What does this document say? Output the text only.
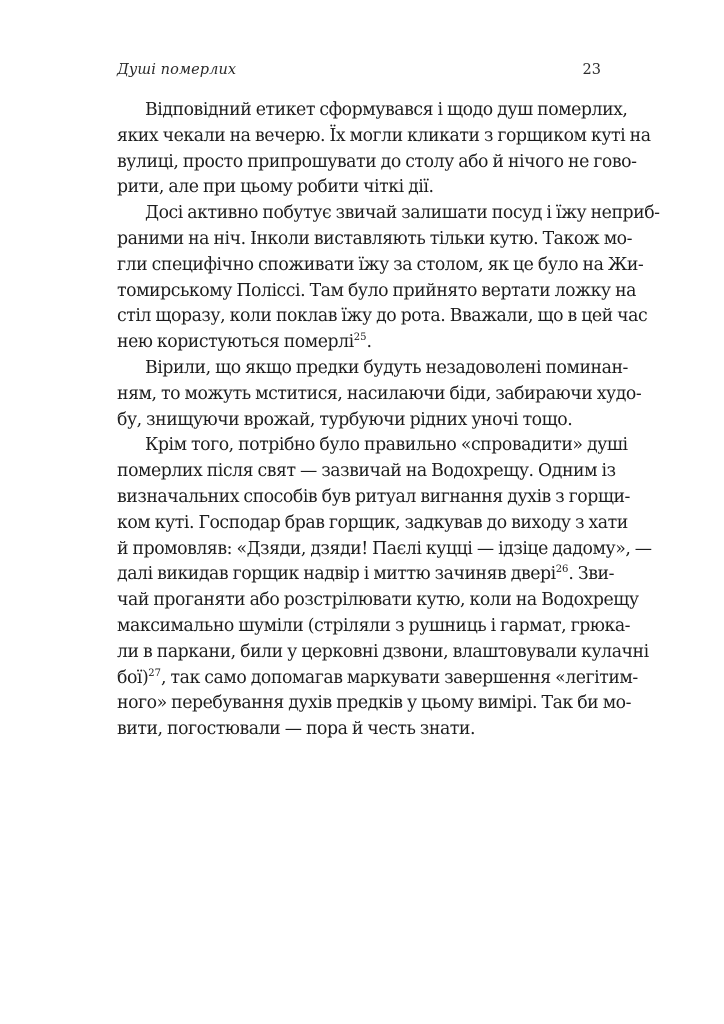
Душі померлих	23

Відповідний етикет сформувався і щодо душ померлих,
яких чекали на вечерю. Їх могли кликати з горщиком куті на
вулиці, просто припрошувати до столу або й нічого не гово-
рити, але при цьому робити чіткі дії.

Досі активно побутує звичай залишати посуд і їжу неприб-
раними на ніч. Інколи виставляють тільки кутю. Також мо-
гли специфічно споживати їжу за столом, як це було на Жи-
томирському Поліссі. Там було прийнято вертати ложку на
стіл щоразу, коли поклав їжу до рота. Вважали, що в цей час
нею користуються померлі$^{25}$.

Вірили, що якщо предки будуть незадоволені поминан-
ням, то можуть мститися, насилаючи біди, забираючи худо-
бу, знищуючи врожай, турбуючи рідних уночі тощо.

Крім того, потрібно було правильно «спровадити» душі
померлих після свят — зазвичай на Водохрещу. Одним із
визначальних способів був ритуал вигнання духів з горщи-
ком куті. Господар брав горщик, задкував до виходу з хати
й промовляв: «Дзяди, дзяди! Паєлі куцці — ідзіце дадому», —
далі викидав горщик надвір і миттю зачиняв двері$^{26}$. Зви-
чай проганяти або розстрілювати кутю, коли на Водохрещу
максимально шуміли (стріляли з рушниць і гармат, грюка-
ли в паркани, били у церковні дзвони, влаштовували кулачні
бої)$^{27}$, так само допомагав маркувати завершення «легітим-
ного» перебування духів предків у цьому вимірі. Так би мо-
вити, погостювали — пора й честь знати.
